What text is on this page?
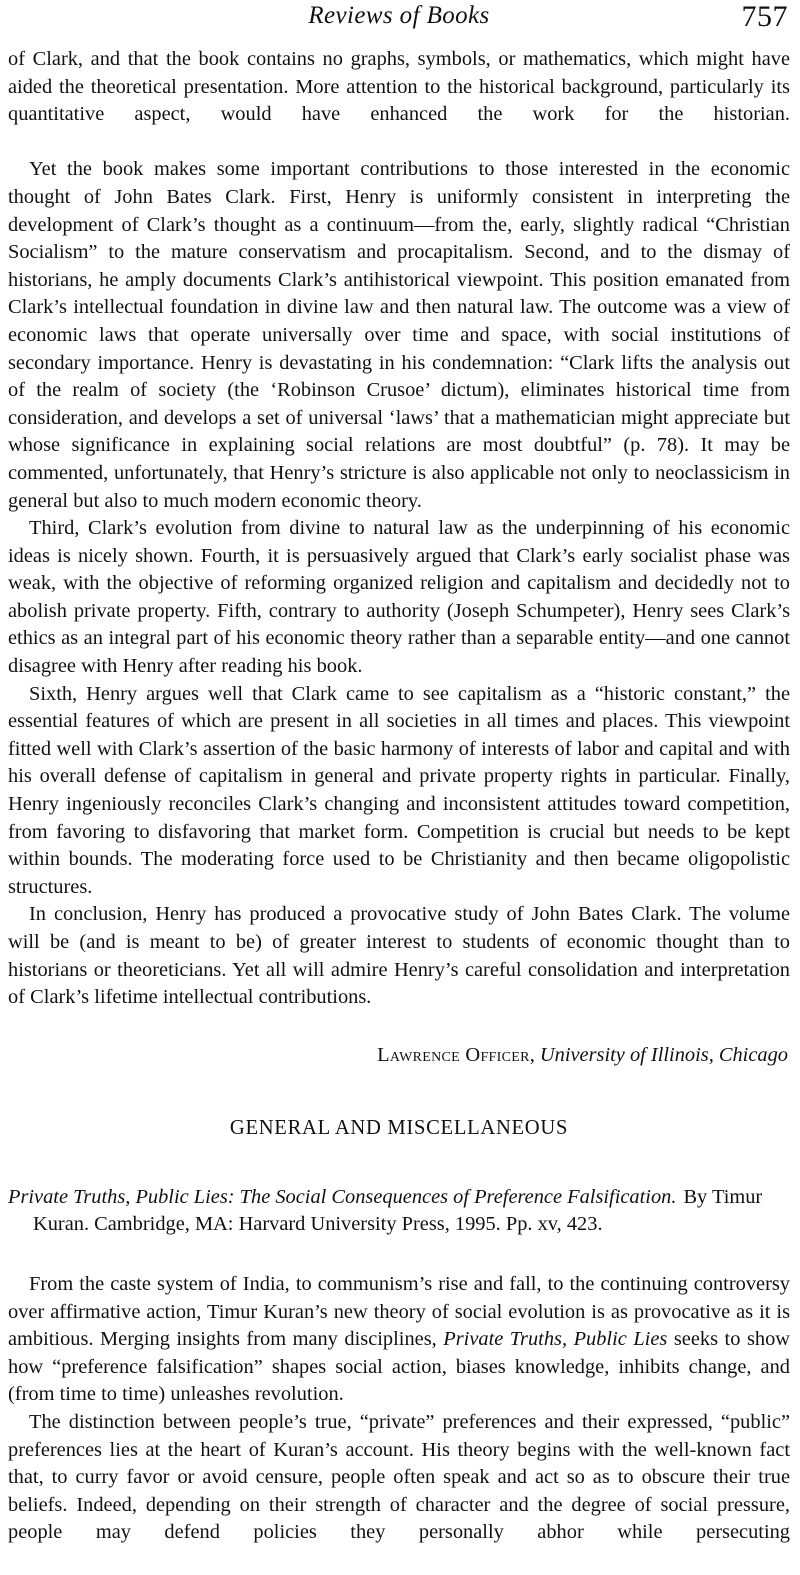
Reviews of Books	757

of Clark, and that the book contains no graphs, symbols, or mathematics, which might have aided the theoretical presentation. More attention to the historical background, particularly its quantitative aspect, would have enhanced the work for the historian.

Yet the book makes some important contributions to those interested in the economic thought of John Bates Clark. First, Henry is uniformly consistent in interpreting the development of Clark’s thought as a continuum—from the, early, slightly radical “Christian Socialism” to the mature conservatism and procapitalism. Second, and to the dismay of historians, he amply documents Clark’s antihistorical viewpoint. This position emanated from Clark’s intellectual foundation in divine law and then natural law. The outcome was a view of economic laws that operate universally over time and space, with social institutions of secondary importance. Henry is devastating in his condemnation: “Clark lifts the analysis out of the realm of society (the ‘Robinson Crusoe’ dictum), eliminates historical time from consideration, and develops a set of universal ‘laws’ that a mathematician might appreciate but whose significance in explaining social relations are most doubtful” (p. 78). It may be commented, unfortunately, that Henry’s stricture is also applicable not only to neoclassicism in general but also to much modern economic theory.

Third, Clark’s evolution from divine to natural law as the underpinning of his economic ideas is nicely shown. Fourth, it is persuasively argued that Clark’s early socialist phase was weak, with the objective of reforming organized religion and capitalism and decidedly not to abolish private property. Fifth, contrary to authority (Joseph Schumpeter), Henry sees Clark’s ethics as an integral part of his economic theory rather than a separable entity—and one cannot disagree with Henry after reading his book.

Sixth, Henry argues well that Clark came to see capitalism as a “historic constant,” the essential features of which are present in all societies in all times and places. This viewpoint fitted well with Clark’s assertion of the basic harmony of interests of labor and capital and with his overall defense of capitalism in general and private property rights in particular. Finally, Henry ingeniously reconciles Clark’s changing and inconsistent attitudes toward competition, from favoring to disfavoring that market form. Competition is crucial but needs to be kept within bounds. The moderating force used to be Christianity and then became oligopolistic structures.

In conclusion, Henry has produced a provocative study of John Bates Clark. The volume will be (and is meant to be) of greater interest to students of economic thought than to historians or theoreticians. Yet all will admire Henry’s careful consolidation and interpretation of Clark’s lifetime intellectual contributions.

Lawrence Officer, University of Illinois, Chicago
GENERAL AND MISCELLANEOUS
Private Truths, Public Lies: The Social Consequences of Preference Falsification. By Timur Kuran. Cambridge, MA: Harvard University Press, 1995. Pp. xv, 423.

From the caste system of India, to communism’s rise and fall, to the continuing controversy over affirmative action, Timur Kuran’s new theory of social evolution is as provocative as it is ambitious. Merging insights from many disciplines, Private Truths, Public Lies seeks to show how “preference falsification” shapes social action, biases knowledge, inhibits change, and (from time to time) unleashes revolution.

The distinction between people’s true, “private” preferences and their expressed, “public” preferences lies at the heart of Kuran’s account. His theory begins with the well-known fact that, to curry favor or avoid censure, people often speak and act so as to obscure their true beliefs. Indeed, depending on their strength of character and the degree of social pressure, people may defend policies they personally abhor while persecuting
